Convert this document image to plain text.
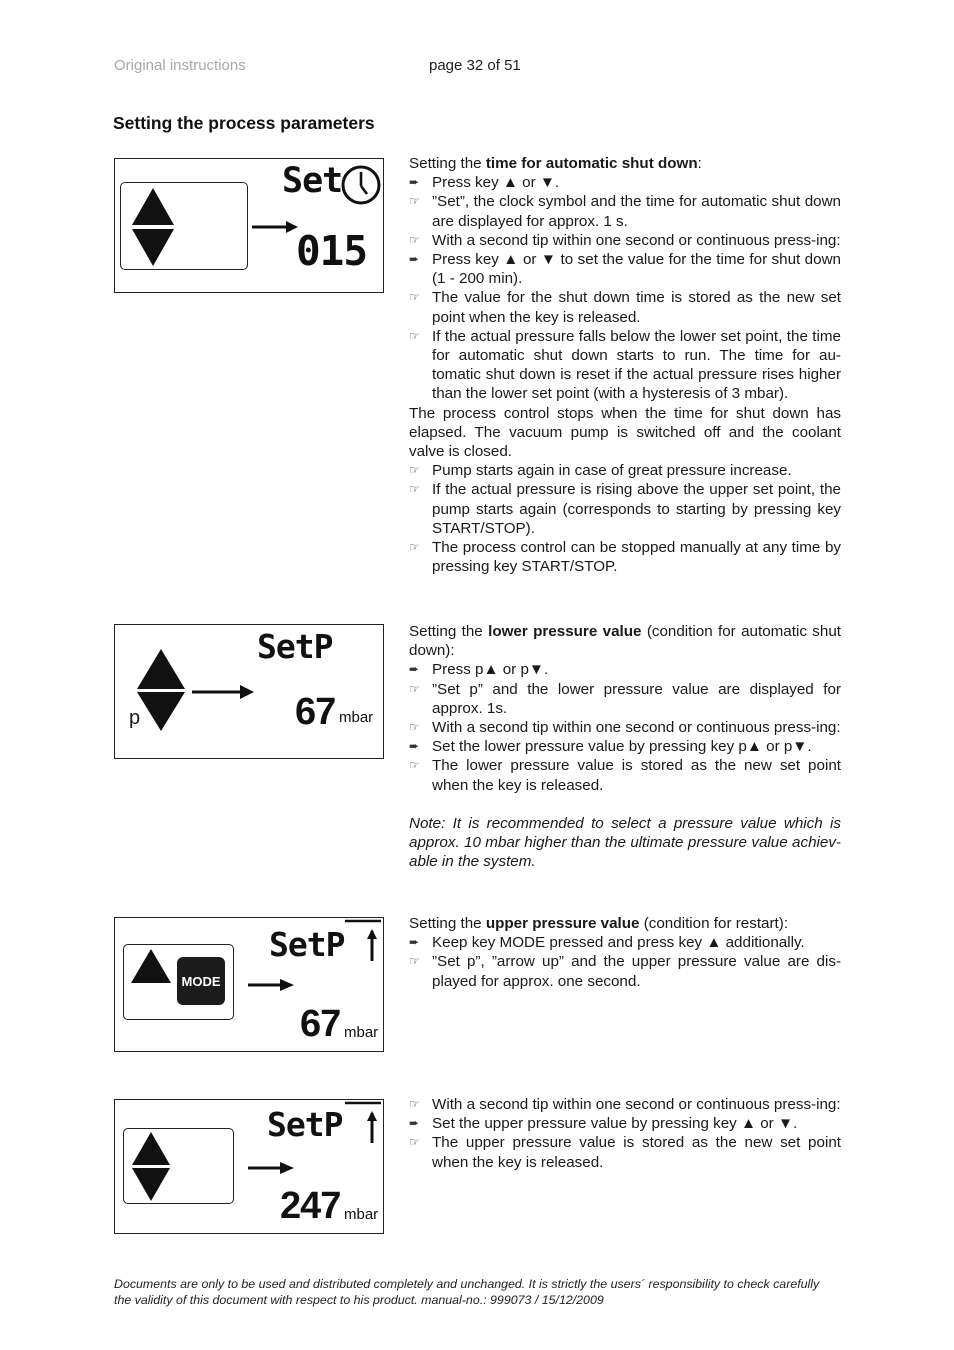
Original instructions	page 32 of 51
Setting the process parameters
Set
015
p
SetP
67 mbar
MODE
SetP
67 mbar
SetP
247 mbar

Setting the time for automatic shut down:

➨ Press key ▲ or ▼.
☞ ”Set”, the clock symbol and the time for automatic shut down are displayed for approx. 1 s.
☞ With a second tip within one second or continuous press-ing:
➨ Press key ▲ or ▼ to set the value for the time for shut down (1 - 200 min).
☞ The value for the shut down time is stored as the new set point when the key is released.
☞ If the actual pressure falls below the lower set point, the time for automatic shut down starts to run. The time for au-tomatic shut down is reset if the actual pressure rises higher than the lower set point (with a hysteresis of 3 mbar).

The process control stops when the time for shut down has elapsed. The vacuum pump is switched off and the coolant valve is closed.

☞ Pump starts again in case of great pressure increase.
☞ If the actual pressure is rising above the upper set point, the pump starts again (corresponds to starting by pressing key START/STOP).
☞ The process control can be stopped manually at any time by pressing key START/STOP.

Setting the lower pressure value (condition for automatic shut down):

➨ Press p▲ or p▼.
☞ ”Set p” and the lower pressure value are displayed for approx. 1s.
☞ With a second tip within one second or continuous press-ing:
➨ Set the lower pressure value by pressing key p▲ or p▼.
☞ The lower pressure value is stored as the new set point when the key is released.

Note: It is recommended to select a pressure value which is approx. 10 mbar higher than the ultimate pressure value achiev-able in the system.

Setting the upper pressure value (condition for restart):

➨ Keep key MODE pressed and press key ▲ additionally.
☞ ”Set p”, ”arrow up” and the upper pressure value are dis-played for approx. one second.
☞ With a second tip within one second or continuous press-ing:
➨ Set the upper pressure value by pressing key ▲ or ▼.
☞ The upper pressure value is stored as the new set point when the key is released.
Documents are only to be used and distributed completely and unchanged. It is strictly the users´ responsibility to check carefully
the validity of this document with respect to his product. manual-no.: 999073 / 15/12/2009
